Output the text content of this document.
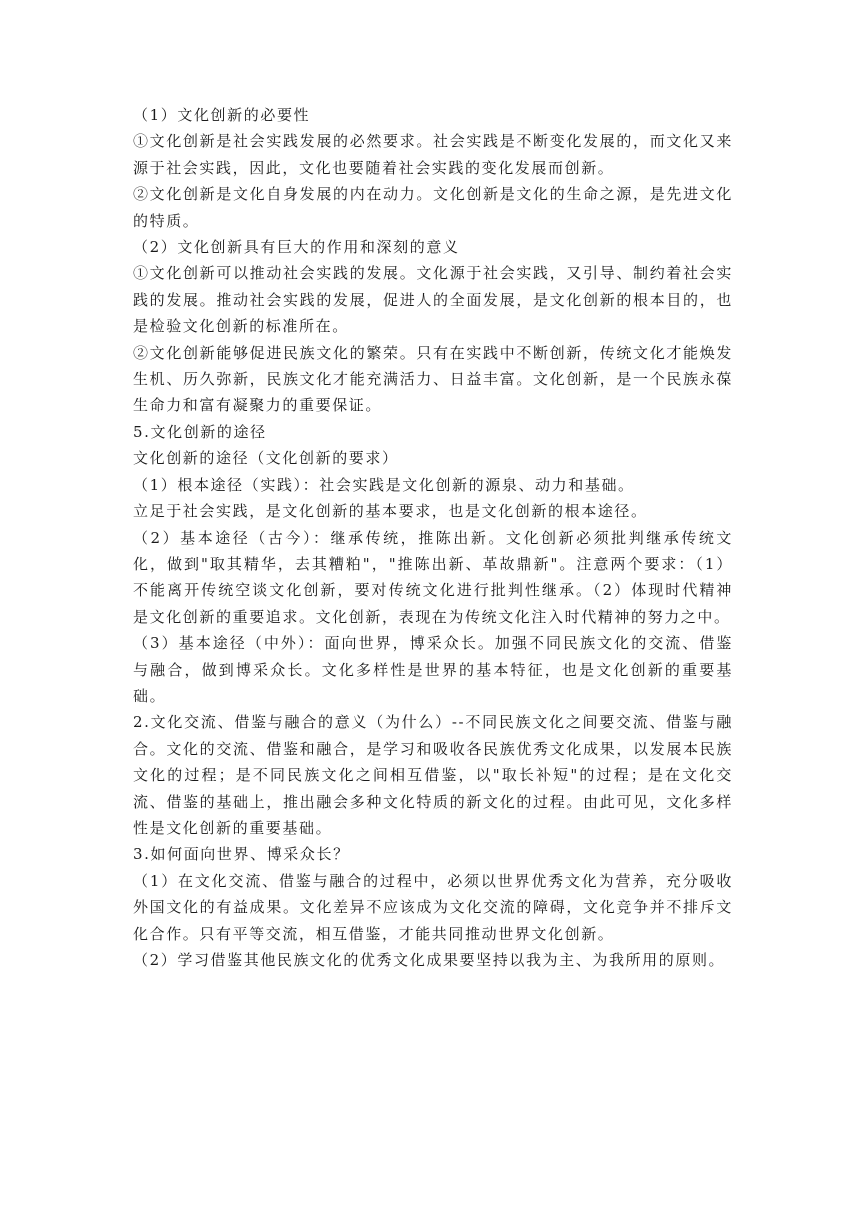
（1）文化创新的必要性

①文化创新是社会实践发展的必然要求。社会实践是不断变化发展的，而文化又来源于社会实践，因此，文化也要随着社会实践的变化发展而创新。

②文化创新是文化自身发展的内在动力。文化创新是文化的生命之源，是先进文化的特质。

（2）文化创新具有巨大的作用和深刻的意义

①文化创新可以推动社会实践的发展。文化源于社会实践，又引导、制约着社会实践的发展。推动社会实践的发展，促进人的全面发展，是文化创新的根本目的，也是检验文化创新的标准所在。

②文化创新能够促进民族文化的繁荣。只有在实践中不断创新，传统文化才能焕发生机、历久弥新，民族文化才能充满活力、日益丰富。文化创新，是一个民族永葆生命力和富有凝聚力的重要保证。

5.文化创新的途径

文化创新的途径（文化创新的要求）

（1）根本途径（实践）：社会实践是文化创新的源泉、动力和基础。

立足于社会实践，是文化创新的基本要求，也是文化创新的根本途径。

（2）基本途径（古今）：继承传统，推陈出新。文化创新必须批判继承传统文化，做到"取其精华，去其糟粕"，"推陈出新、革故鼎新"。注意两个要求：（1）不能离开传统空谈文化创新，要对传统文化进行批判性继承。（2）体现时代精神是文化创新的重要追求。文化创新，表现在为传统文化注入时代精神的努力之中。

（3）基本途径（中外）：面向世界，博采众长。加强不同民族文化的交流、借鉴与融合，做到博采众长。文化多样性是世界的基本特征，也是文化创新的重要基础。

2.文化交流、借鉴与融合的意义（为什么）--不同民族文化之间要交流、借鉴与融合。文化的交流、借鉴和融合，是学习和吸收各民族优秀文化成果，以发展本民族文化的过程；是不同民族文化之间相互借鉴，以"取长补短"的过程；是在文化交流、借鉴的基础上，推出融会多种文化特质的新文化的过程。由此可见，文化多样性是文化创新的重要基础。

3.如何面向世界、博采众长？

（1）在文化交流、借鉴与融合的过程中，必须以世界优秀文化为营养，充分吸收外国文化的有益成果。文化差异不应该成为文化交流的障碍，文化竞争并不排斥文化合作。只有平等交流，相互借鉴，才能共同推动世界文化创新。

（2）学习借鉴其他民族文化的优秀文化成果要坚持以我为主、为我所用的原则。
